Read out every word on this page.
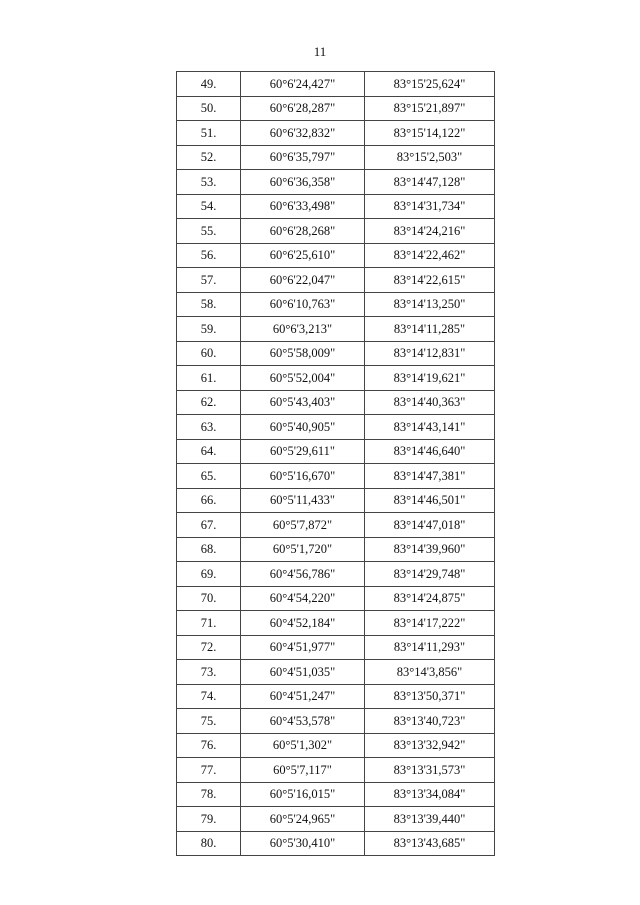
11
49.	60°6'24,427"	83°15'25,624"
50.	60°6'28,287"	83°15'21,897"
51.	60°6'32,832"	83°15'14,122"
52.	60°6'35,797"	83°15'2,503"
53.	60°6'36,358"	83°14'47,128"
54.	60°6'33,498"	83°14'31,734"
55.	60°6'28,268"	83°14'24,216"
56.	60°6'25,610"	83°14'22,462"
57.	60°6'22,047"	83°14'22,615"
58.	60°6'10,763"	83°14'13,250"
59.	60°6'3,213"	83°14'11,285"
60.	60°5'58,009"	83°14'12,831"
61.	60°5'52,004"	83°14'19,621"
62.	60°5'43,403"	83°14'40,363"
63.	60°5'40,905"	83°14'43,141"
64.	60°5'29,611"	83°14'46,640"
65.	60°5'16,670"	83°14'47,381"
66.	60°5'11,433"	83°14'46,501"
67.	60°5'7,872"	83°14'47,018"
68.	60°5'1,720"	83°14'39,960"
69.	60°4'56,786"	83°14'29,748"
70.	60°4'54,220"	83°14'24,875"
71.	60°4'52,184"	83°14'17,222"
72.	60°4'51,977"	83°14'11,293"
73.	60°4'51,035"	83°14'3,856"
74.	60°4'51,247"	83°13'50,371"
75.	60°4'53,578"	83°13'40,723"
76.	60°5'1,302"	83°13'32,942"
77.	60°5'7,117"	83°13'31,573"
78.	60°5'16,015"	83°13'34,084"
79.	60°5'24,965"	83°13'39,440"
80.	60°5'30,410"	83°13'43,685"
